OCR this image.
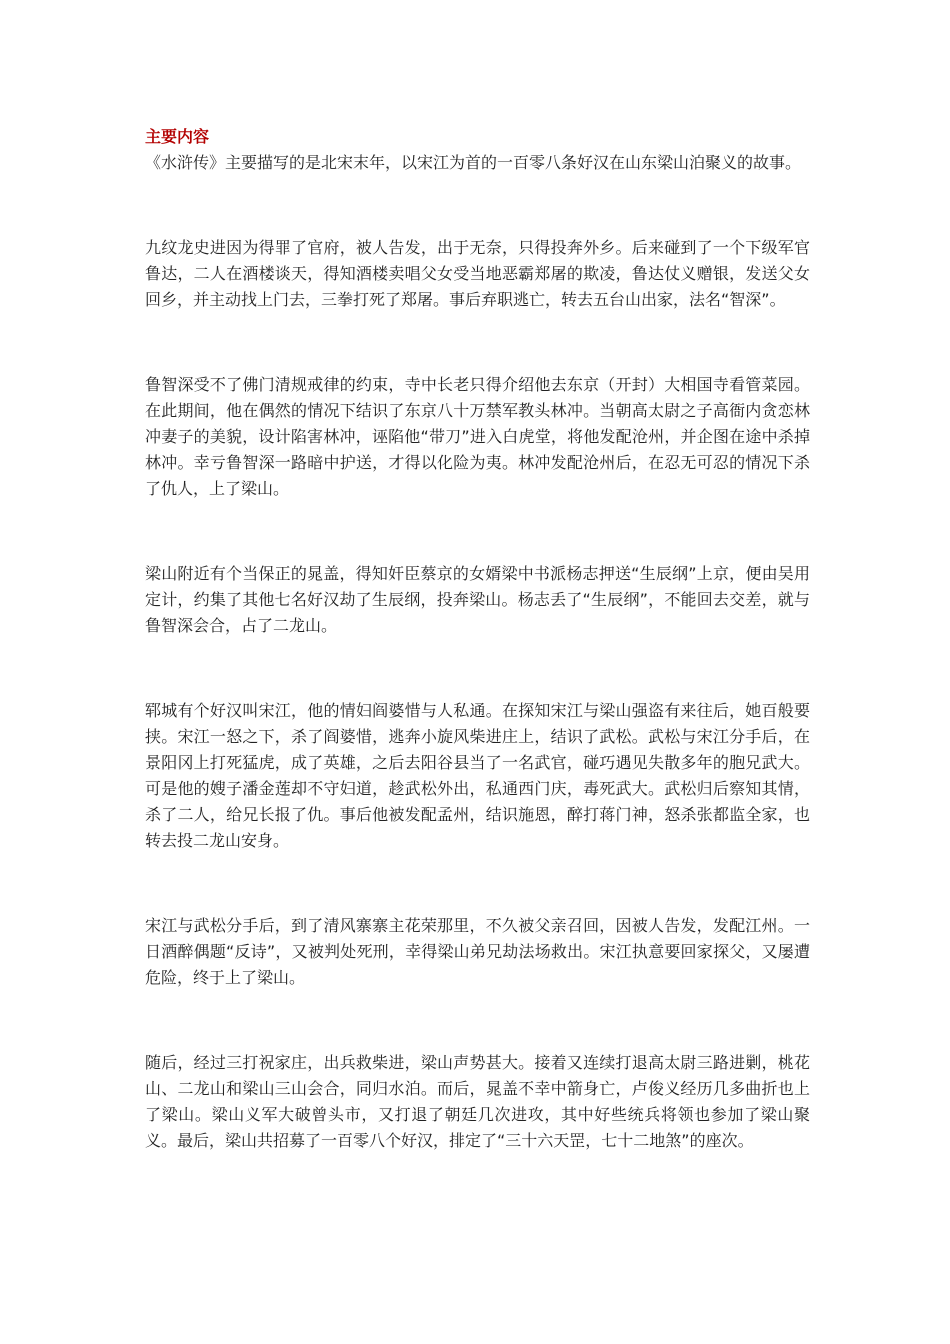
主要内容

《水浒传》主要描写的是北宋末年，以宋江为首的一百零八条好汉在山东梁山泊聚义的故事。

九纹龙史进因为得罪了官府，被人告发，出于无奈，只得投奔外乡。后来碰到了一个下级军官鲁达，二人在酒楼谈天，得知酒楼卖唱父女受当地恶霸郑屠的欺凌，鲁达仗义赠银，发送父女回乡，并主动找上门去，三拳打死了郑屠。事后弃职逃亡，转去五台山出家，法名“智深”。

鲁智深受不了佛门清规戒律的约束，寺中长老只得介绍他去东京（开封）大相国寺看管菜园。在此期间，他在偶然的情况下结识了东京八十万禁军教头林冲。当朝高太尉之子高衙内贪恋林冲妻子的美貌，设计陷害林冲，诬陷他“带刀”进入白虎堂，将他发配沧州，并企图在途中杀掉林冲。幸亏鲁智深一路暗中护送，才得以化险为夷。林冲发配沧州后，在忍无可忍的情况下杀了仇人，上了梁山。

梁山附近有个当保正的晁盖，得知奸臣蔡京的女婿梁中书派杨志押送“生辰纲”上京，便由吴用定计，约集了其他七名好汉劫了生辰纲，投奔梁山。杨志丢了“生辰纲”，不能回去交差，就与鲁智深会合，占了二龙山。

郓城有个好汉叫宋江，他的情妇阎婆惜与人私通。在探知宋江与梁山强盗有来往后，她百般要挟。宋江一怒之下，杀了阎婆惜，逃奔小旋风柴进庄上，结识了武松。武松与宋江分手后，在景阳冈上打死猛虎，成了英雄，之后去阳谷县当了一名武官，碰巧遇见失散多年的胞兄武大。可是他的嫂子潘金莲却不守妇道，趁武松外出，私通西门庆，毒死武大。武松归后察知其情，杀了二人，给兄长报了仇。事后他被发配孟州，结识施恩，醉打蒋门神，怒杀张都监全家，也转去投二龙山安身。

宋江与武松分手后，到了清风寨寨主花荣那里，不久被父亲召回，因被人告发，发配江州。一日酒醉偶题“反诗”，又被判处死刑，幸得梁山弟兄劫法场救出。宋江执意要回家探父，又屡遭危险，终于上了梁山。

随后，经过三打祝家庄，出兵救柴进，梁山声势甚大。接着又连续打退高太尉三路进剿，桃花山、二龙山和梁山三山会合，同归水泊。而后，晁盖不幸中箭身亡，卢俊义经历几多曲折也上了梁山。梁山义军大破曾头市，又打退了朝廷几次进攻，其中好些统兵将领也参加了梁山聚义。最后，梁山共招募了一百零八个好汉，排定了“三十六天罡，七十二地煞”的座次。
